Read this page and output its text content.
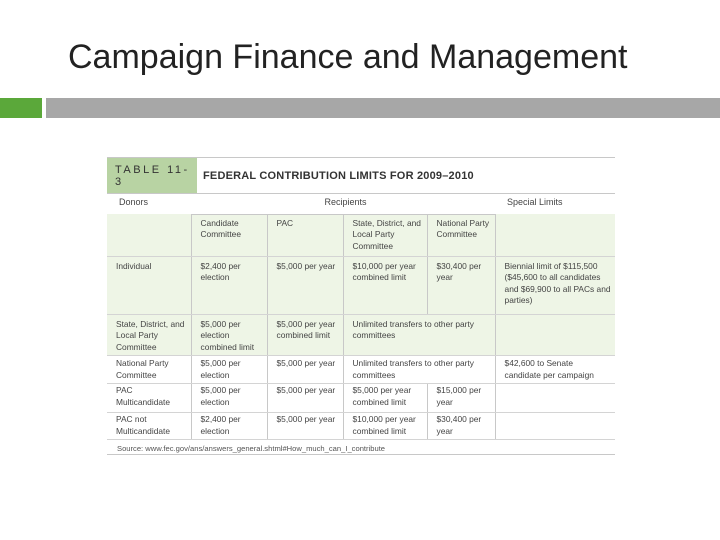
Campaign Finance and Management
TABLE 11-3	FEDERAL CONTRIBUTION LIMITS FOR 2009–2010
Donors	Recipients				Special Limits
	Candidate Committee	PAC	State, District, and Local Party Committee	National Party Committee	
Individual	$2,400 per election	$5,000 per year	$10,000 per year combined limit	$30,400 per year	Biennial limit of $115,500 ($45,600 to all candidates and $69,900 to all PACs and parties)
State, District, and Local Party Committee	$5,000 per election combined limit	$5,000 per year combined limit	Unlimited transfers to other party committees		
National Party Committee	$5,000 per election	$5,000 per year	Unlimited transfers to other party committees		$42,600 to Senate candidate per campaign
PAC Multicandidate	$5,000 per election	$5,000 per year	$5,000 per year combined limit	$15,000 per year	
PAC not Multicandidate	$2,400 per election	$5,000 per year	$10,000 per year combined limit	$30,400 per year	
Source: www.fec.gov/ans/answers_general.shtml#How_much_can_I_contribute
